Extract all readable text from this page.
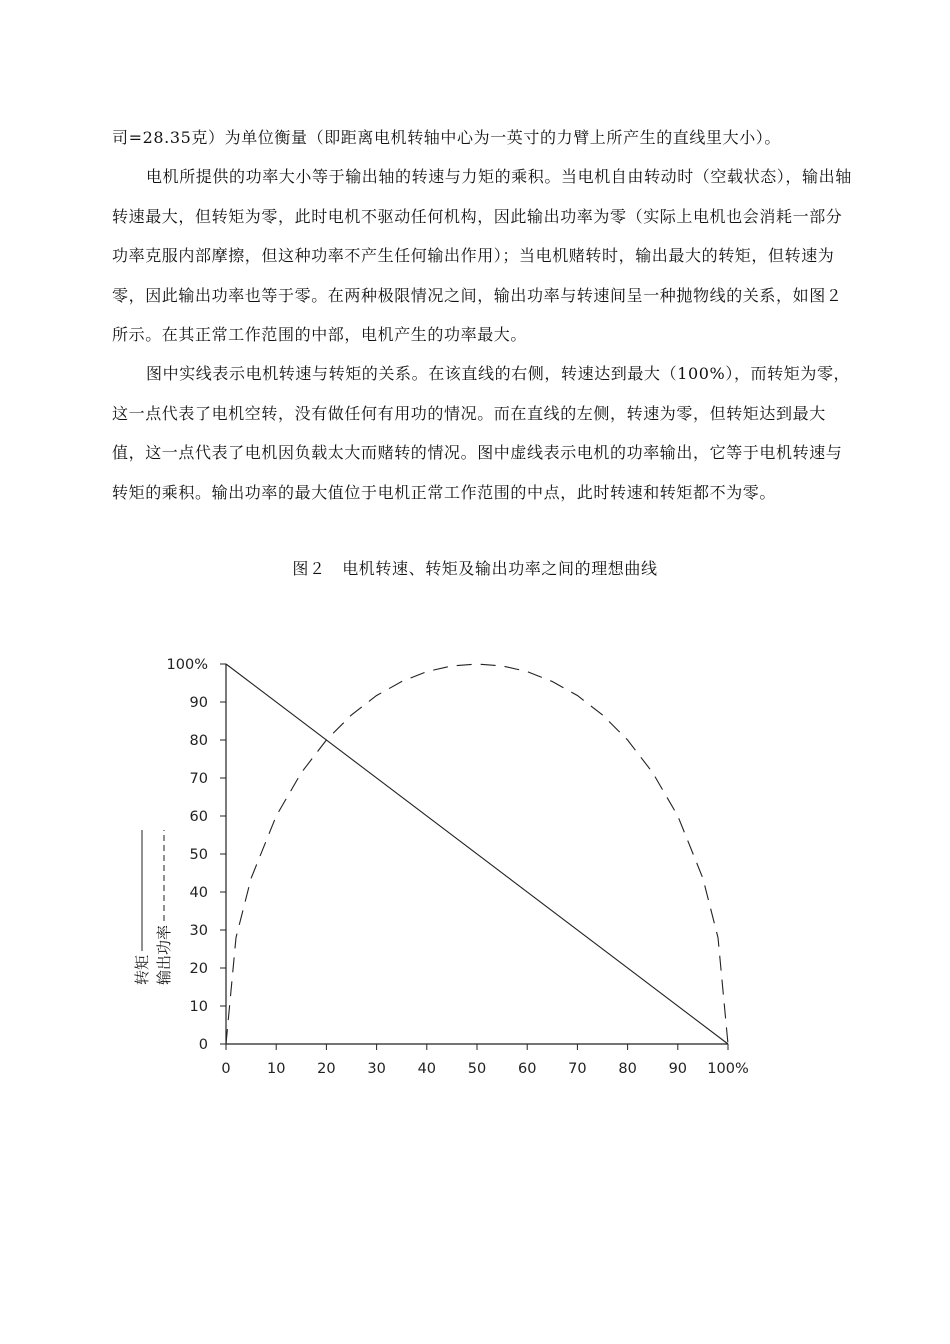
司=28.35克）为单位衡量（即距离电机转轴中心为一英寸的力臂上所产生的直线里大小）。

电机所提供的功率大小等于输出轴的转速与力矩的乘积。当电机自由转动时（空载状态），输出轴转速最大，但转矩为零，此时电机不驱动任何机构，因此输出功率为零（实际上电机也会消耗一部分功率克服内部摩擦，但这种功率不产生任何输出作用）；当电机赌转时，输出最大的转矩，但转速为零，因此输出功率也等于零。在两种极限情况之间，输出功率与转速间呈一种抛物线的关系，如图２所示。在其正常工作范围的中部，电机产生的功率最大。

图中实线表示电机转速与转矩的关系。在该直线的右侧，转速达到最大（100%），而转矩为零，这一点代表了电机空转，没有做任何有用功的情况。而在直线的左侧，转速为零，但转矩达到最大值，这一点代表了电机因负载太大而赌转的情况。图中虚线表示电机的功率输出，它等于电机转速与转矩的乘积。输出功率的最大值位于电机正常工作范围的中点，此时转速和转矩都不为零。

图２　电机转速、转矩及输出功率之间的理想曲线
0
10
20
30
40
50
60
70
80
90
100%
0	10 20 30 40 50 60 70 80 90 100%
转矩 输出功率
